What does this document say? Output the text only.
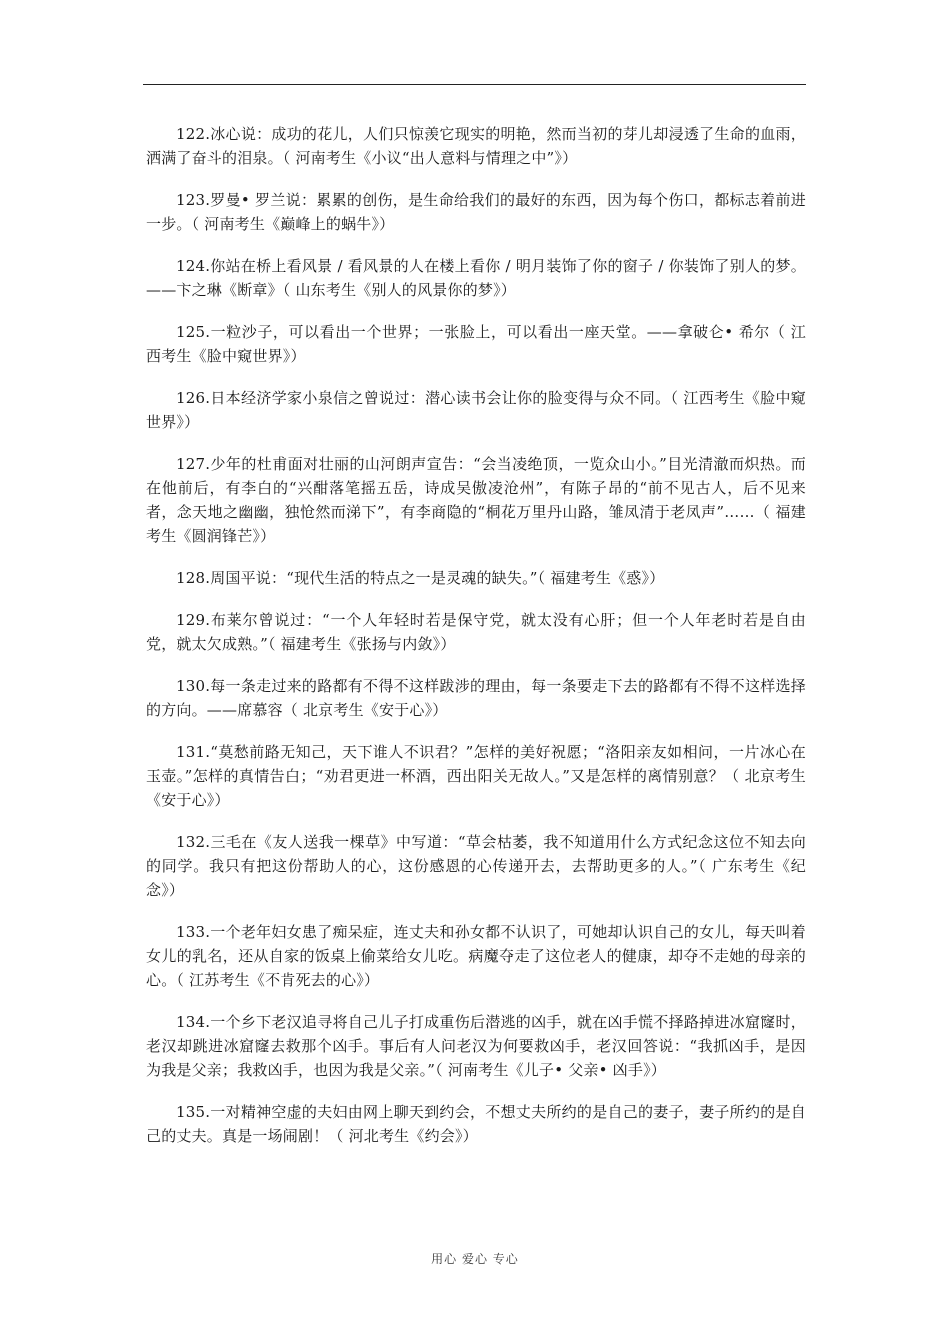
122.冰心说：成功的花儿，人们只惊羡它现实的明艳，然而当初的芽儿却浸透了生命的血雨，洒满了奋斗的泪泉。（ 河南考生《小议“出人意料与情理之中”》）

123.罗曼• 罗兰说：累累的创伤，是生命给我们的最好的东西，因为每个伤口，都标志着前进一步。（ 河南考生《巅峰上的蜗牛》）

124.你站在桥上看风景 / 看风景的人在楼上看你 / 明月装饰了你的窗子 / 你装饰了别人的梦。——卞之琳《断章》（ 山东考生《别人的风景你的梦》）

125.一粒沙子，可以看出一个世界；一张脸上，可以看出一座天堂。——拿破仑• 希尔（ 江西考生《脸中窥世界》）

126.日本经济学家小泉信之曾说过：潜心读书会让你的脸变得与众不同。（ 江西考生《脸中窥世界》）

127.少年的杜甫面对壮丽的山河朗声宣告：“会当凌绝顶，一览众山小。”目光清澈而炽热。而在他前后，有李白的“兴酣落笔摇五岳，诗成吴傲凌沧州”，有陈子昂的“前不见古人，后不见来者，念天地之幽幽，独怆然而涕下”，有李商隐的“桐花万里丹山路，雏凤清于老凤声”……（ 福建考生《圆润锋芒》）

128.周国平说：“现代生活的特点之一是灵魂的缺失。”（ 福建考生《惑》）

129.布莱尔曾说过：“一个人年轻时若是保守党，就太没有心肝；但一个人年老时若是自由党，就太欠成熟。”（ 福建考生《张扬与内敛》）

130.每一条走过来的路都有不得不这样跋涉的理由，每一条要走下去的路都有不得不这样选择的方向。——席慕容（ 北京考生《安于心》）

131.“莫愁前路无知己，天下谁人不识君？”怎样的美好祝愿；“洛阳亲友如相问，一片冰心在玉壶。”怎样的真情告白；“劝君更进一杯酒，西出阳关无故人。”又是怎样的离情别意？（ 北京考生《安于心》）

132.三毛在《友人送我一棵草》中写道：“草会枯萎，我不知道用什么方式纪念这位不知去向的同学。我只有把这份帮助人的心，这份感恩的心传递开去，去帮助更多的人。”（ 广东考生《纪念》）

133.一个老年妇女患了痴呆症，连丈夫和孙女都不认识了，可她却认识自己的女儿，每天叫着女儿的乳名，还从自家的饭桌上偷菜给女儿吃。病魔夺走了这位老人的健康，却夺不走她的母亲的心。（ 江苏考生《不肯死去的心》）

134.一个乡下老汉追寻将自己儿子打成重伤后潜逃的凶手，就在凶手慌不择路掉进冰窟窿时，老汉却跳进冰窟窿去救那个凶手。事后有人问老汉为何要救凶手，老汉回答说：“我抓凶手，是因为我是父亲；我救凶手，也因为我是父亲。”（ 河南考生《儿子• 父亲• 凶手》）

135.一对精神空虚的夫妇由网上聊天到约会，不想丈夫所约的是自己的妻子，妻子所约的是自己的丈夫。真是一场闹剧！（ 河北考生《约会》）

用心 爱心 专心
